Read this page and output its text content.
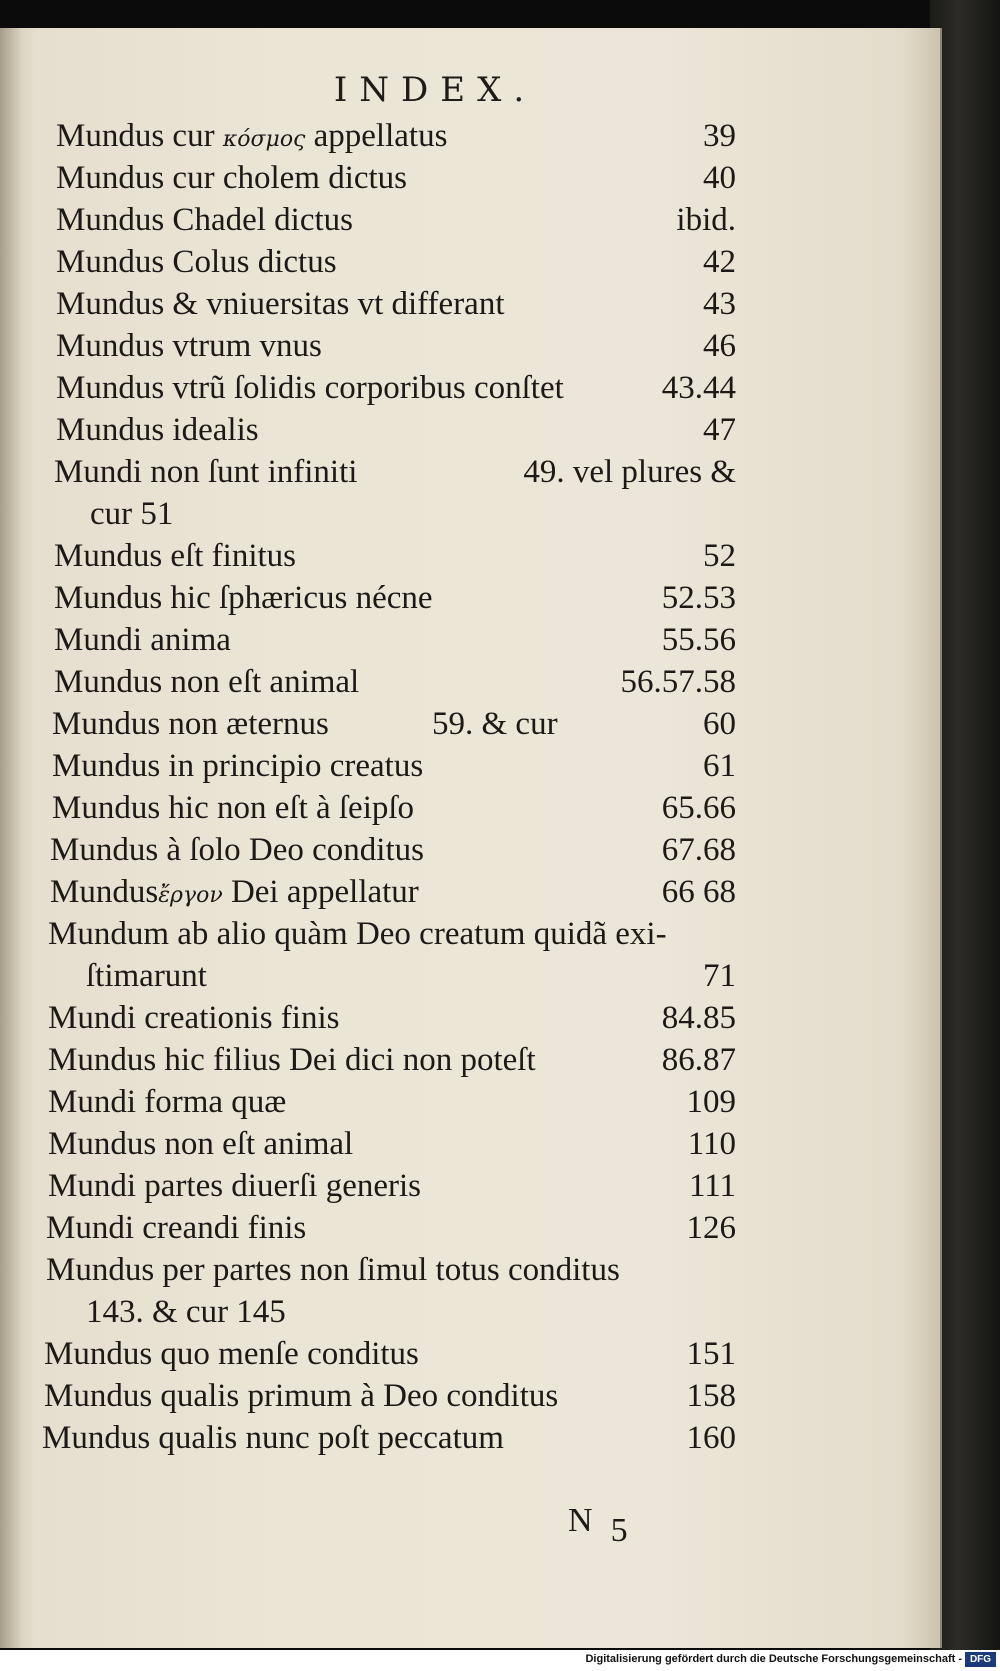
INDEX.
Mundus cur κόσμος appellatus	39
Mundus cur cholem dictus	40
Mundus Chadel dictus	ibid.
Mundus Colus dictus	42
Mundus & vniuersitas vt differant	43
Mundus vtrum vnus	46
Mundus vtrũ ſolidis corporibus conſtet	43.44
Mundus idealis	47
Mundi non ſunt infiniti	49. vel plures &
cur 51
Mundus eſt finitus	52
Mundus hic ſphæricus nécne	52.53
Mundi anima	55.56
Mundus non eſt animal	56.57.58
Mundus non æternus	59. & cur	60
Mundus in principio creatus	61
Mundus hic non eſt à ſeipſo	65.66
Mundus à ſolo Deo conditus	67.68
Mundusἔργον Dei appellatur	66 68
Mundum ab alio quàm Deo creatum quidã exi-
ſtimarunt	71
Mundi creationis finis	84.85
Mundus hic filius Dei dici non poteſt	86.87
Mundi forma quæ	109
Mundus non eſt animal	110
Mundi partes diuerſi generis	111
Mundi creandi finis	126
Mundus per partes non ſimul totus conditus
143. & cur 145
Mundus quo menſe conditus	151
Mundus qualis primum à Deo conditus	158
Mundus qualis nunc poſt peccatum	160
N5
Digitalisierung gefördert durch die Deutsche Forschungsgemeinschaft - DFG
